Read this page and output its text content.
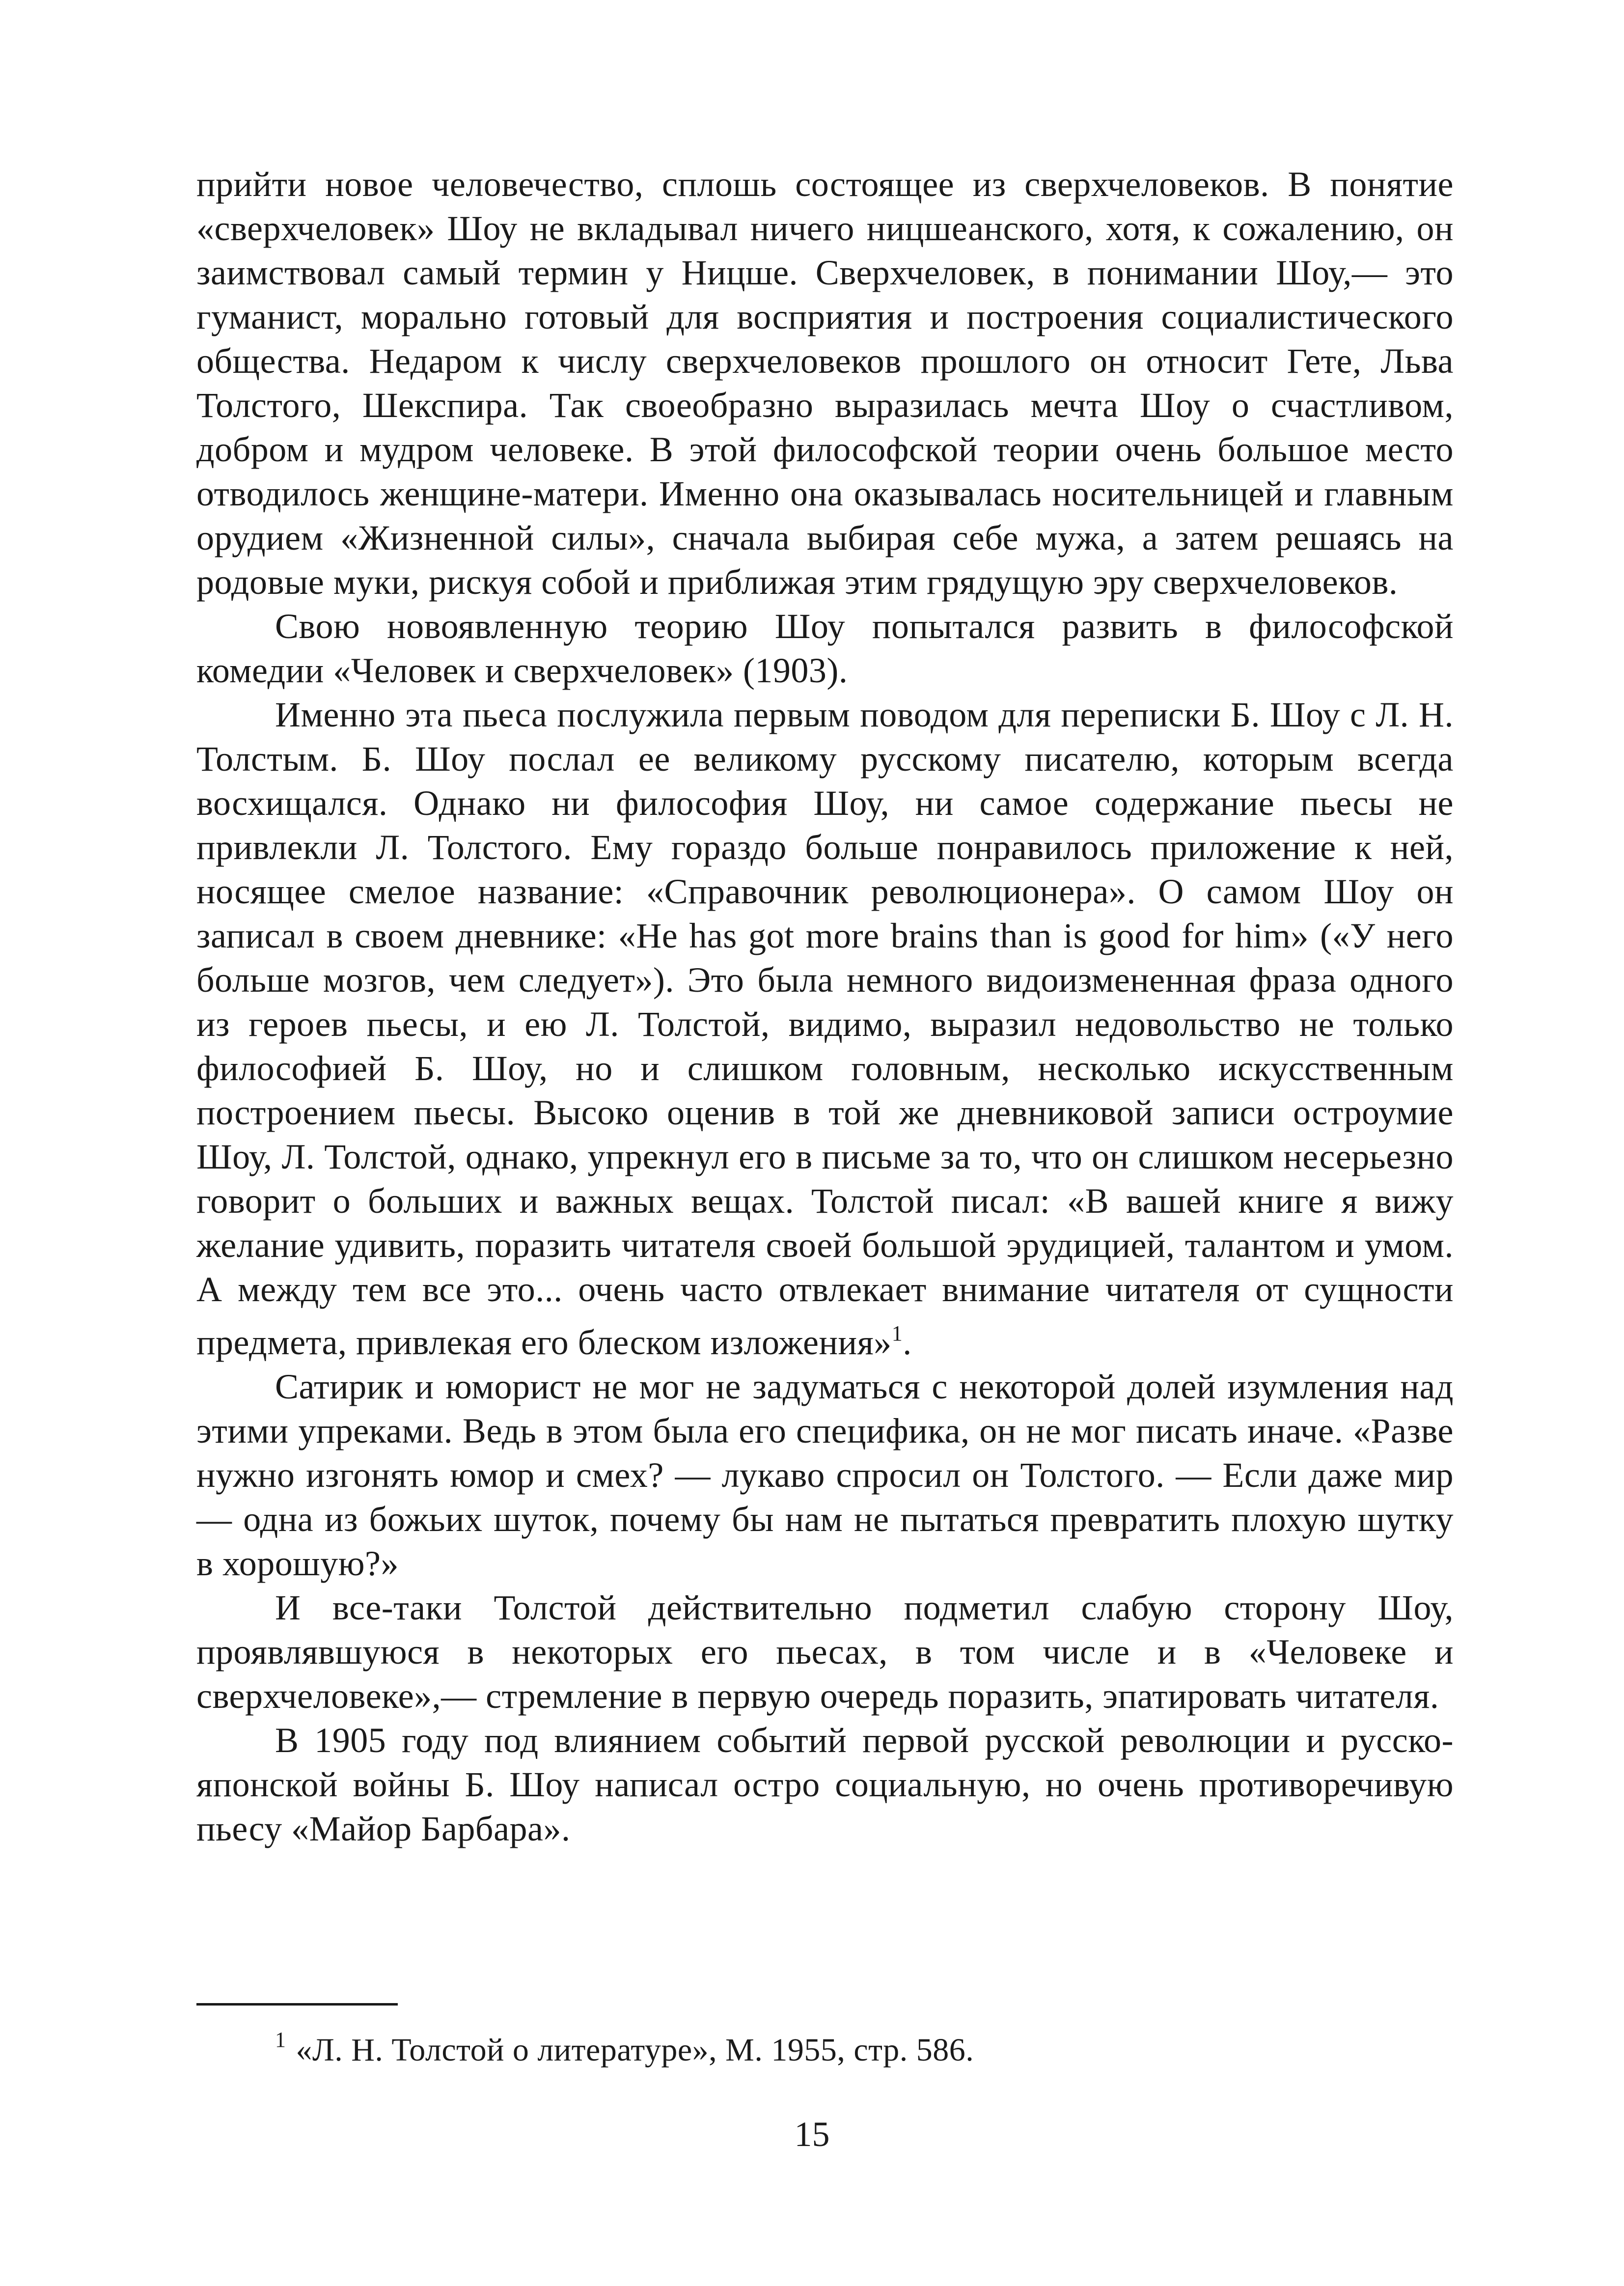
прийти новое человечество, сплошь состоящее из сверхчеловеков. В понятие «сверхчеловек» Шоу не вкладывал ничего ницшеанского, хотя, к сожалению, он заимствовал самый термин у Ницше. Сверхчеловек, в понимании Шоу,— это гуманист, морально готовый для восприятия и построения социалистического общества. Недаром к числу сверхчеловеков прошлого он относит Гете, Льва Толстого, Шекспира. Так своеобразно выразилась мечта Шоу о счастливом, добром и мудром человеке. В этой философской теории очень большое место отводилось женщине-матери. Именно она оказывалась носительницей и главным орудием «Жизненной силы», сначала выбирая себе мужа, а затем решаясь на родовые муки, рискуя собой и приближая этим грядущую эру сверхчеловеков.

Свою новоявленную теорию Шоу попытался развить в философской комедии «Человек и сверхчеловек» (1903).

Именно эта пьеса послужила первым поводом для переписки Б. Шоу с Л. Н. Толстым. Б. Шоу послал ее великому русскому писателю, которым всегда восхищался. Однако ни философия Шоу, ни самое содержание пьесы не привлекли Л. Толстого. Ему гораздо больше понравилось приложение к ней, носящее смелое название: «Справочник революционера». О самом Шоу он записал в своем дневнике: «He has got more brains than is good for him» («У него больше мозгов, чем следует»). Это была немного видоизмененная фраза одного из героев пьесы, и ею Л. Толстой, видимо, выразил недовольство не только философией Б. Шоу, но и слишком головным, несколько искусственным построением пьесы. Высоко оценив в той же дневниковой записи остроумие Шоу, Л. Толстой, однако, упрекнул его в письме за то, что он слишком несерьезно говорит о больших и важных вещах. Толстой писал: «В вашей книге я вижу желание удивить, поразить читателя своей большой эрудицией, талантом и умом. А между тем все это... очень часто отвлекает внимание читателя от сущности предмета, привлекая его блеском изложения»$^1$.

Сатирик и юморист не мог не задуматься с некоторой долей изумления над этими упреками. Ведь в этом была его специфика, он не мог писать иначе. «Разве нужно изгонять юмор и смех? — лукаво спросил он Толстого. — Если даже мир — одна из божьих шуток, почему бы нам не пытаться превратить плохую шутку в хорошую?»

И все-таки Толстой действительно подметил слабую сторону Шоу, проявлявшуюся в некоторых его пьесах, в том числе и в «Человеке и сверхчеловеке»,— стремление в первую очередь поразить, эпатировать читателя.

В 1905 году под влиянием событий первой русской революции и русско-японской войны Б. Шоу написал остро социальную, но очень противоречивую пьесу «Майор Барбара».

$^1$ «Л. Н. Толстой о литературе», М. 1955, стр. 586.
15
